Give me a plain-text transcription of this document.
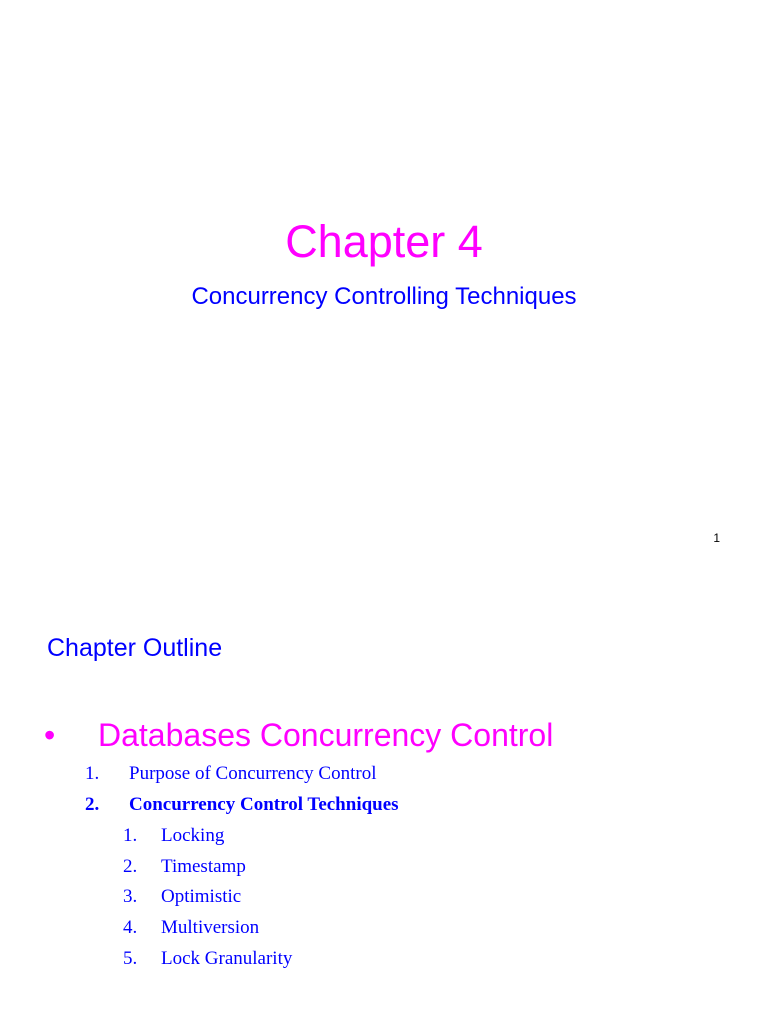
Chapter 4
Concurrency Controlling Techniques
1
Chapter Outline
• Databases Concurrency Control
1. Purpose of Concurrency Control
2. Concurrency Control Techniques
1. Locking
2. Timestamp
3. Optimistic
4. Multiversion
5. Lock Granularity
